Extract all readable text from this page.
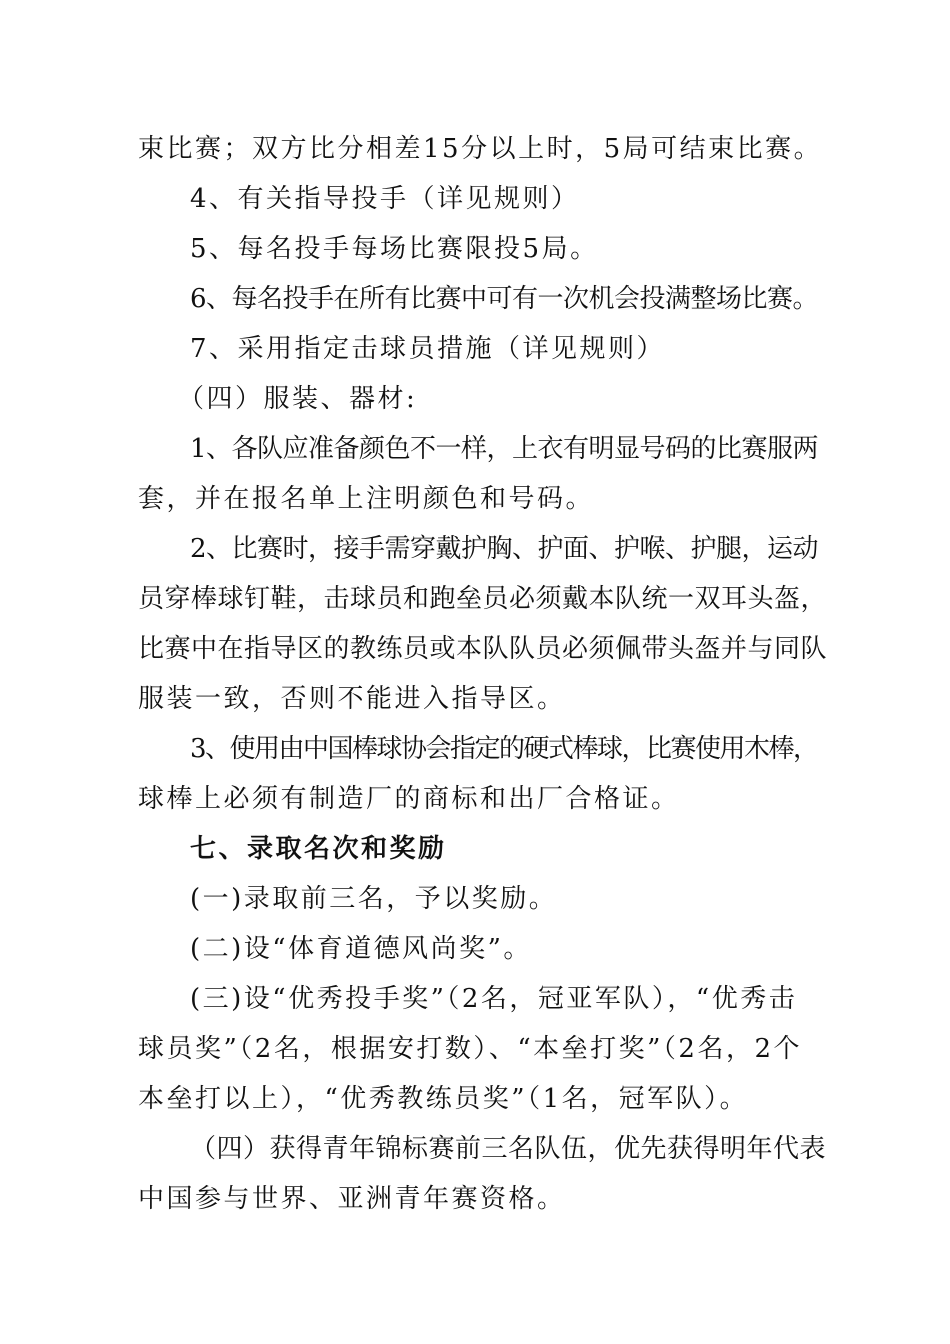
束比赛；双方比分相差15分以上时，5局可结束比赛。
4、有关指导投手（详见规则）
5、每名投手每场比赛限投5局。
6、每名投手在所有比赛中可有一次机会投满整场比赛。
7、采用指定击球员措施（详见规则）
（四）服装、器材:
1、各队应准备颜色不一样，上衣有明显号码的比赛服两
套，并在报名单上注明颜色和号码。
2、比赛时，接手需穿戴护胸、护面、护喉、护腿，运动
员穿棒球钉鞋，击球员和跑垒员必须戴本队统一双耳头盔，
比赛中在指导区的教练员或本队队员必须佩带头盔并与同队
服装一致，否则不能进入指导区。
3、使用由中国棒球协会指定的硬式棒球，比赛使用木棒，
球棒上必须有制造厂的商标和出厂合格证。
七、录取名次和奖励
(一)录取前三名，予以奖励。
(二)设“体育道德风尚奖”。
(三)设“优秀投手奖”（2名，冠亚军队），“优秀击
球员奖”（2名，根据安打数）、“本垒打奖”（2名，2个
本垒打以上），“优秀教练员奖”（1名，冠军队）。
（四）获得青年锦标赛前三名队伍，优先获得明年代表
中国参与世界、亚洲青年赛资格。
